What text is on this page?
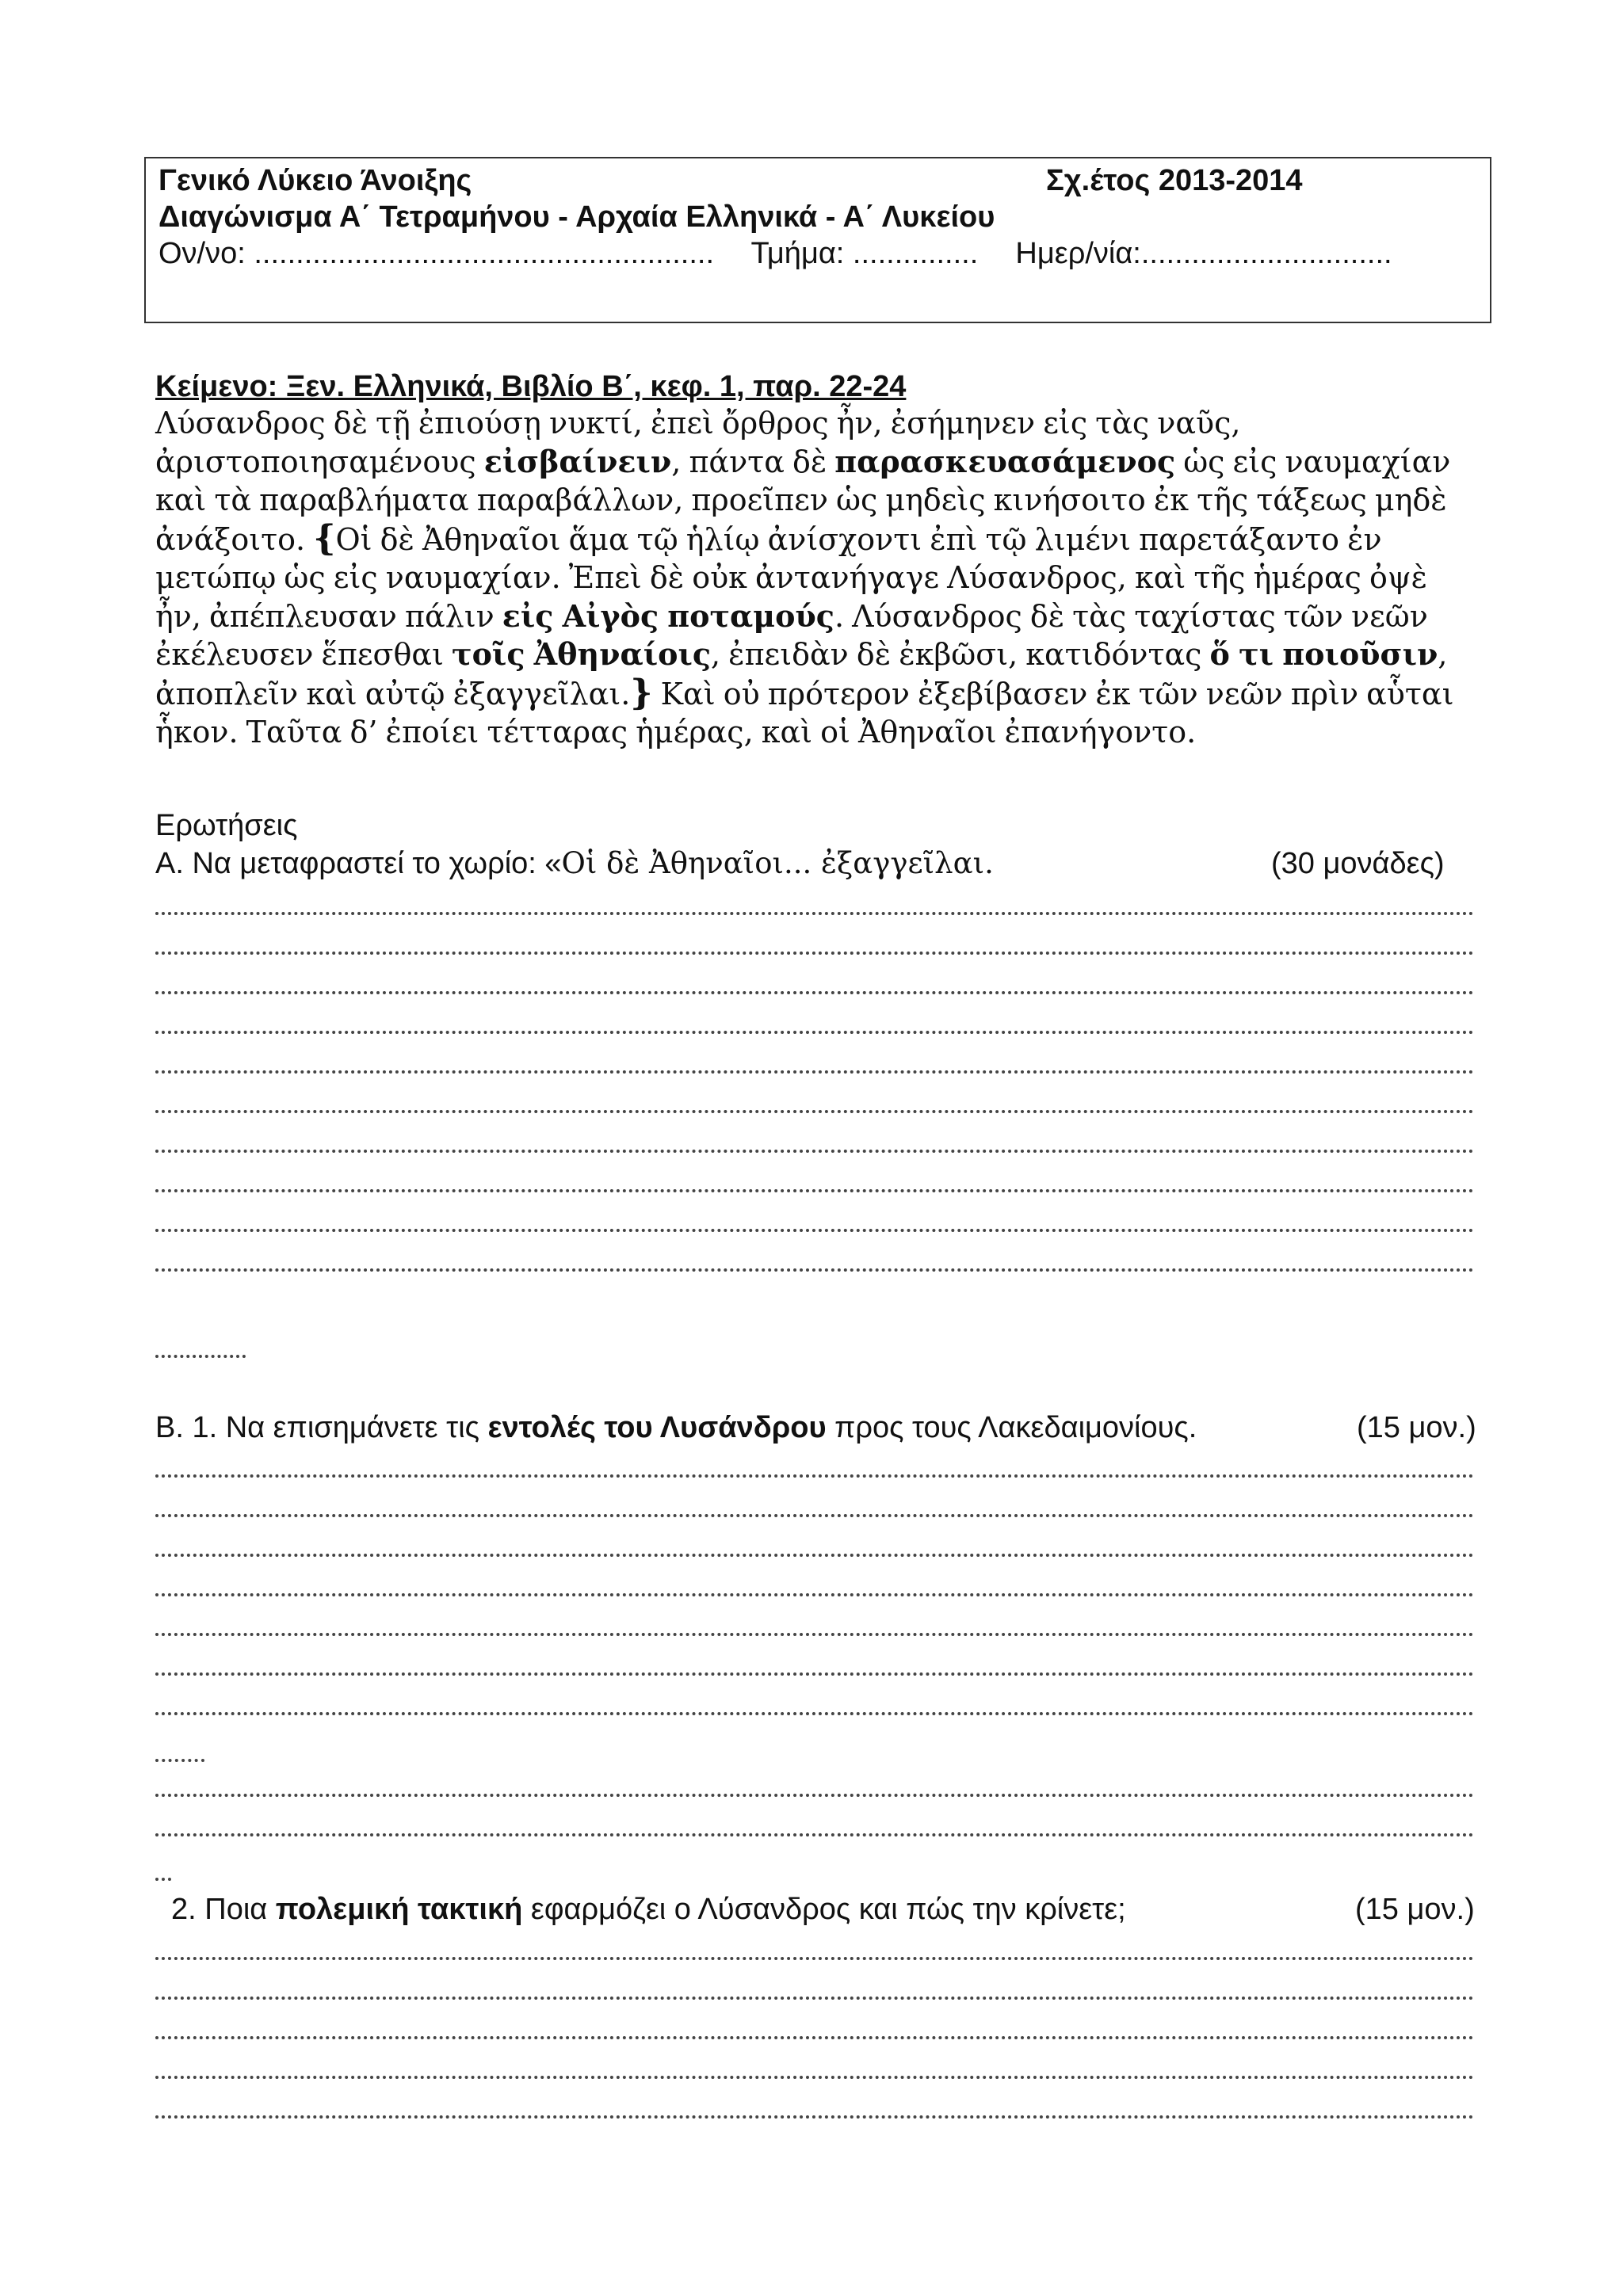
Γενικό Λύκειο Άνοιξης	Σχ.έτος 2013-2014
Διαγώνισμα Α΄ Τετραμήνου - Αρχαία Ελληνικά - Α΄ Λυκείου
Ον/νο: ....................................................... Τμήμα: ............... Ημερ/νία:..............................
Κείμενο: Ξεν. Ελληνικά, Βιβλίο Β΄, κεφ. 1, παρ. 22-24
Λύσανδρος δὲ τῇ ἐπιούσῃ νυκτί, ἐπεὶ ὄρθρος ἦν, ἐσήμηνεν εἰς τὰς ναῦς,
ἀριστοποιησαμένους εἰσβαίνειν, πάντα δὲ παρασκευασάμενος ὡς εἰς ναυμαχίαν
καὶ τὰ παραβλήματα παραβάλλων, προεῖπεν ὡς μηδεὶς κινήσοιτο ἐκ τῆς τάξεως μηδὲ
ἀνάξοιτο. {Οἱ δὲ Ἀθηναῖοι ἅμα τῷ ἡλίῳ ἀνίσχοντι ἐπὶ τῷ λιμένι παρετάξαντο ἐν
μετώπῳ ὡς εἰς ναυμαχίαν. Ἐπεὶ δὲ οὐκ ἀντανήγαγε Λύσανδρος, καὶ τῆς ἡμέρας ὀψὲ
ἦν, ἀπέπλευσαν πάλιν εἰς Αἰγὸς ποταμούς. Λύσανδρος δὲ τὰς ταχίστας τῶν νεῶν
ἐκέλευσεν ἕπεσθαι τοῖς Ἀθηναίοις, ἐπειδὰν δὲ ἐκβῶσι, κατιδόντας ὅ τι ποιοῦσιν,
ἀποπλεῖν καὶ αὐτῷ ἐξαγγεῖλαι.} Καὶ οὐ πρότερον ἐξεβίβασεν ἐκ τῶν νεῶν πρὶν αὗται
ἧκον. Ταῦτα δ’ ἐποίει τέτταρας ἡμέρας, καὶ οἱ Ἀθηναῖοι ἐπανήγοντο.
Ερωτήσεις
Α. Να μεταφραστεί το χωρίο: «Οἱ δὲ Ἀθηναῖοι... ἐξαγγεῖλαι.	(30 μονάδες)
Β. 1. Να επισημάνετε τις εντολές του Λυσάνδρου προς τους Λακεδαιμονίους.	(15 μον.)
2. Ποια πολεμική τακτική εφαρμόζει ο Λύσανδρος και πώς την κρίνετε;	(15 μον.)
